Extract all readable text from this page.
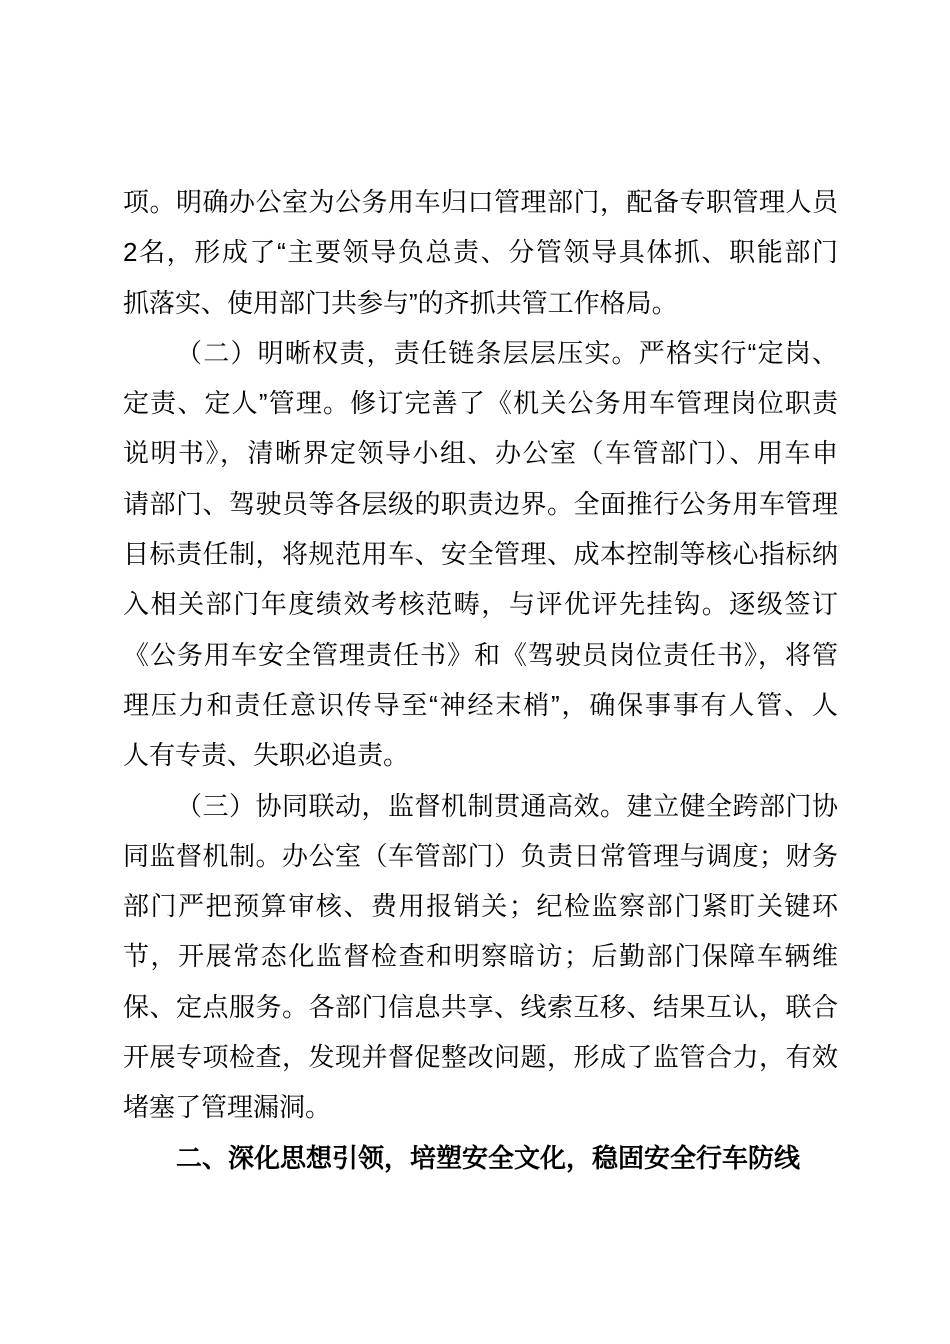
项。明确办公室为公务用车归口管理部门，配备专职管理人员
2名，形成了“主要领导负总责、分管领导具体抓、职能部门
抓落实、使用部门共参与”的齐抓共管工作格局。
（二）明晰权责，责任链条层层压实。严格实行“定岗、
定责、定人”管理。修订完善了《机关公务用车管理岗位职责
说明书》，清晰界定领导小组、办公室（车管部门）、用车申
请部门、驾驶员等各层级的职责边界。全面推行公务用车管理
目标责任制，将规范用车、安全管理、成本控制等核心指标纳
入相关部门年度绩效考核范畴，与评优评先挂钩。逐级签订
《公务用车安全管理责任书》和《驾驶员岗位责任书》，将管
理压力和责任意识传导至“神经末梢”，确保事事有人管、人
人有专责、失职必追责。
（三）协同联动，监督机制贯通高效。建立健全跨部门协
同监督机制。办公室（车管部门）负责日常管理与调度；财务
部门严把预算审核、费用报销关；纪检监察部门紧盯关键环
节，开展常态化监督检查和明察暗访；后勤部门保障车辆维
保、定点服务。各部门信息共享、线索互移、结果互认，联合
开展专项检查，发现并督促整改问题，形成了监管合力，有效
堵塞了管理漏洞。
二、深化思想引领，培塑安全文化，稳固安全行车防线
